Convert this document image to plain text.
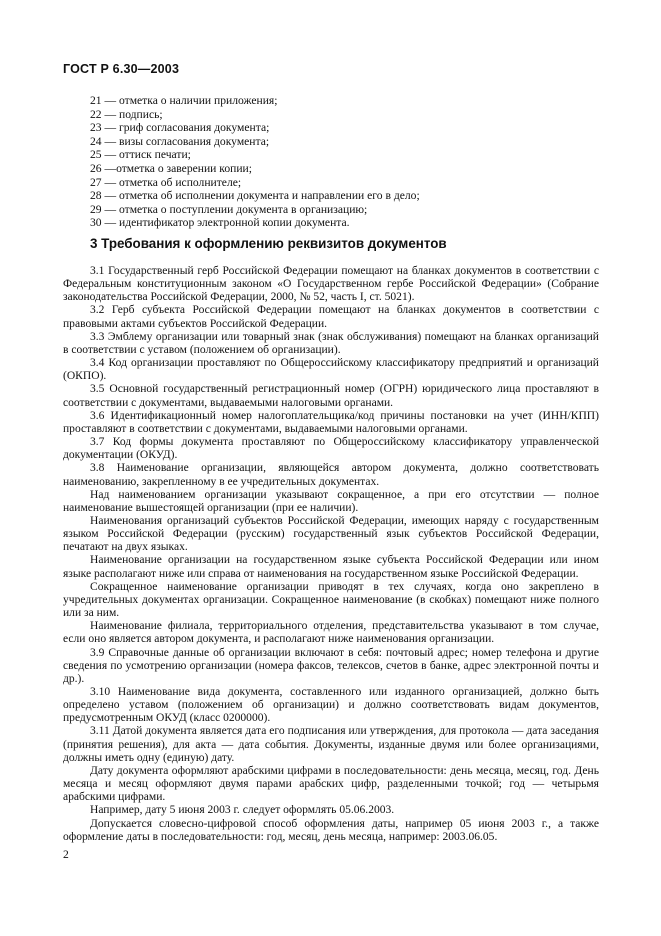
ГОСТ Р 6.30—2003
21 — отметка о наличии приложения;
22 — подпись;
23 — гриф согласования документа;
24 — визы согласования документа;
25 — оттиск печати;
26 —отметка о заверении копии;
27 — отметка об исполнителе;
28 — отметка об исполнении документа и направлении его в дело;
29 — отметка о поступлении документа в организацию;
30 — идентификатор электронной копии документа.
3 Требования к оформлению реквизитов документов

3.1 Государственный герб Российской Федерации помещают на бланках документов в соответствии с Федеральным конституционным законом «О Государственном гербе Российской Федерации» (Собрание законодательства Российской Федерации, 2000, № 52, часть I, ст. 5021).

3.2 Герб субъекта Российской Федерации помещают на бланках документов в соответствии с правовыми актами субъектов Российской Федерации.

3.3 Эмблему организации или товарный знак (знак обслуживания) помещают на бланках организаций в соответствии с уставом (положением об организации).

3.4 Код организации проставляют по Общероссийскому классификатору предприятий и организаций (ОКПО).

3.5 Основной государственный регистрационный номер (ОГРН) юридического лица проставляют в соответствии с документами, выдаваемыми налоговыми органами.

3.6 Идентификационный номер налогоплательщика/код причины постановки на учет (ИНН/КПП) проставляют в соответствии с документами, выдаваемыми налоговыми органами.

3.7 Код формы документа проставляют по Общероссийскому классификатору управленческой документации (ОКУД).

3.8 Наименование организации, являющейся автором документа, должно соответствовать наименованию, закрепленному в ее учредительных документах.

Над наименованием организации указывают сокращенное, а при его отсутствии — полное наименование вышестоящей организации (при ее наличии).

Наименования организаций субъектов Российской Федерации, имеющих наряду с государственным языком Российской Федерации (русским) государственный язык субъектов Российской Федерации, печатают на двух языках.

Наименование организации на государственном языке субъекта Российской Федерации или ином языке располагают ниже или справа от наименования на государственном языке Российской Федерации.

Сокращенное наименование организации приводят в тех случаях, когда оно закреплено в учредительных документах организации. Сокращенное наименование (в скобках) помещают ниже полного или за ним.

Наименование филиала, территориального отделения, представительства указывают в том случае, если оно является автором документа, и располагают ниже наименования организации.

3.9 Справочные данные об организации включают в себя: почтовый адрес; номер телефона и другие сведения по усмотрению организации (номера факсов, телексов, счетов в банке, адрес электронной почты и др.).

3.10 Наименование вида документа, составленного или изданного организацией, должно быть определено уставом (положением об организации) и должно соответствовать видам документов, предусмотренным ОКУД (класс 0200000).

3.11 Датой документа является дата его подписания или утверждения, для протокола — дата заседания (принятия решения), для акта — дата события. Документы, изданные двумя или более организациями, должны иметь одну (единую) дату.

Дату документа оформляют арабскими цифрами в последовательности: день месяца, месяц, год. День месяца и месяц оформляют двумя парами арабских цифр, разделенными точкой; год — четырьмя арабскими цифрами.

Например, дату 5 июня 2003 г. следует оформлять 05.06.2003.

Допускается словесно-цифровой способ оформления даты, например 05 июня 2003 г., а также оформление даты в последовательности: год, месяц, день месяца, например: 2003.06.05.

2
